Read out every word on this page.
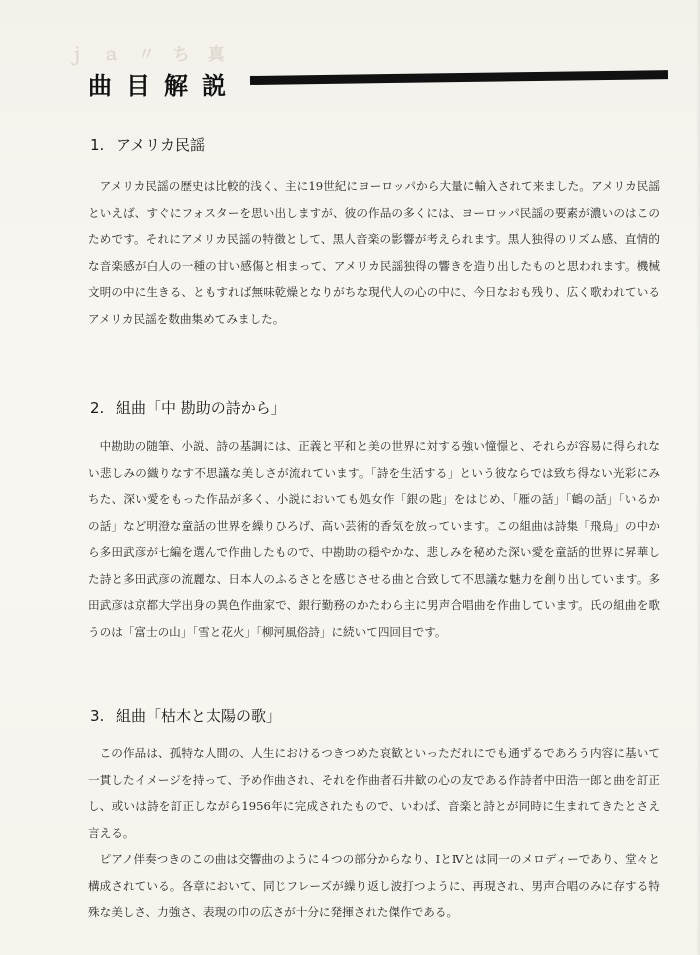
ｊ ａ 〃 ち 真
曲目解説
1. アメリカ民謡

アメリカ民謡の歴史は比較的浅く、主に19世紀にヨーロッパから大量に輸入されて来ました。アメリカ民謡といえば、すぐにフォスターを思い出しますが、彼の作品の多くには、ヨーロッパ民謡の要素が濃いのはこのためです。それにアメリカ民謡の特徴として、黒人音楽の影響が考えられます。黒人独得のリズム感、直情的な音楽感が白人の一種の甘い感傷と相まって、アメリカ民謡独得の響きを造り出したものと思われます。機械文明の中に生きる、ともすれば無味乾燥となりがちな現代人の心の中に、今日なおも残り、広く歌われているアメリカ民謡を数曲集めてみました。

2. 組曲「中 勘助の詩から」

中勘助の随筆、小説、詩の基調には、正義と平和と美の世界に対する強い憧憬と、それらが容易に得られない悲しみの織りなす不思議な美しさが流れています。「詩を生活する」という彼ならでは致ち得ない光彩にみちた、深い愛をもった作品が多く、小説においても処女作「銀の匙」をはじめ、「雁の話」「鶴の話」「いるかの話」など明澄な童話の世界を繰りひろげ、高い芸術的香気を放っています。この組曲は詩集「飛鳥」の中から多田武彦が七編を選んで作曲したもので、中勘助の穏やかな、悲しみを秘めた深い愛を童話的世界に昇華した詩と多田武彦の流麗な、日本人のふるさとを感じさせる曲と合致して不思議な魅力を創り出しています。多田武彦は京都大学出身の異色作曲家で、銀行勤務のかたわら主に男声合唱曲を作曲しています。氏の組曲を歌うのは「富士の山」「雪と花火」「柳河風俗詩」に続いて四回目です。

3. 組曲「枯木と太陽の歌」

この作品は、孤特な人間の、人生におけるつきつめた哀歓といっただれにでも通ずるであろう内容に基いて一貫したイメージを持って、予め作曲され、それを作曲者石井歓の心の友である作詩者中田浩一郎と曲を訂正し、或いは詩を訂正しながら1956年に完成されたもので、いわば、音楽と詩とが同時に生まれてきたとさえ言える。

ピアノ伴奏つきのこの曲は交響曲のように４つの部分からなり、ⅠとⅣとは同一のメロディーであり、堂々と構成されている。各章において、同じフレーズが繰り返し波打つように、再現され、男声合唱のみに存する特殊な美しさ、力強さ、表現の巾の広さが十分に発揮された傑作である。
